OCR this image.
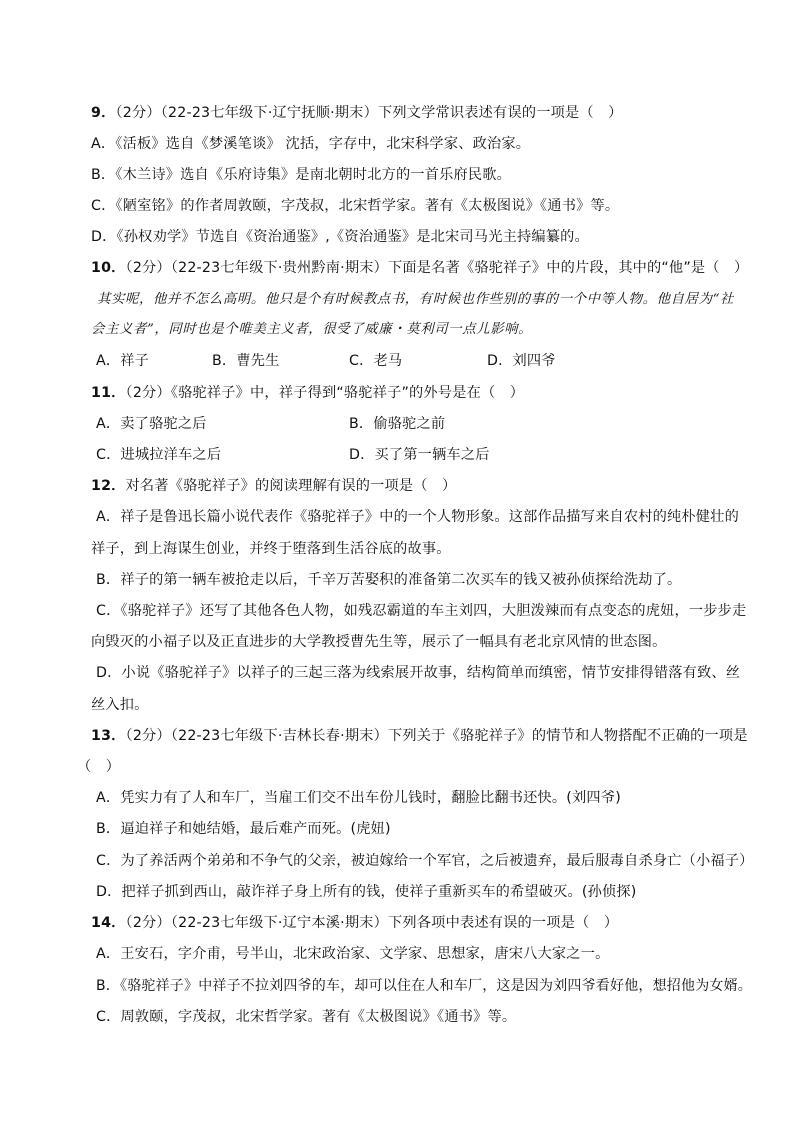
9．（2分）（22-23七年级下·辽宁抚顺·期末）下列文学常识表述有误的一项是（　）
A．《活板》选自《梦溪笔谈》 沈括，字存中，北宋科学家、政治家。
B．《木兰诗》选自《乐府诗集》是南北朝时北方的一首乐府民歌。
C．《陋室铭》的作者周敦颐，字茂叔，北宋哲学家。著有《太极图说》《通书》等。
D．《孙权劝学》节选自《资治通鉴》,《资治通鉴》是北宋司马光主持编纂的。
10．（2分）（22-23七年级下·贵州黔南·期末）下面是名著《骆驼祥子》中的片段，其中的“他”是（　）
其实呢，他并不怎么高明。他只是个有时候教点书，有时候也作些别的事的一个中等人物。他自居为“社
会主义者”，同时也是个唯美主义者，很受了威廉・莫利司一点儿影响。
A．祥子	B．曹先生	C．老马	D．刘四爷
11．（2分）《骆驼祥子》中，祥子得到“骆驼祥子”的外号是在（　）
A．卖了骆驼之后	B．偷骆驼之前
C．进城拉洋车之后	D．买了第一辆车之后
12．对名著《骆驼祥子》的阅读理解有误的一项是（　）
A．祥子是鲁迅长篇小说代表作《骆驼祥子》中的一个人物形象。这部作品描写来自农村的纯朴健壮的
祥子，到上海谋生创业，并终于堕落到生活谷底的故事。
B．祥子的第一辆车被抢走以后，千辛万苦娶积的准备第二次买车的钱又被孙侦探给洗劫了。
C．《骆驼祥子》还写了其他各色人物，如残忍霸道的车主刘四，大胆泼辣而有点变态的虎妞，一步步走
向毁灭的小福子以及正直进步的大学教授曹先生等，展示了一幅具有老北京风情的世态图。
D．小说《骆驼祥子》以祥子的三起三落为线索展开故事，结构简单而缜密，情节安排得错落有致、丝
丝入扣。
13．（2分）（22-23七年级下·吉林长春·期末）下列关于《骆驼祥子》的情节和人物搭配不正确的一项是
（　）
A．凭实力有了人和车厂，当雇工们交不出车份儿钱时，翻脸比翻书还快。(刘四爷)
B．逼迫祥子和她结婚，最后难产而死。(虎妞)
C．为了养活两个弟弟和不争气的父亲，被迫嫁给一个军官，之后被遗弃，最后服毒自杀身亡（小福子）
D．把祥子抓到西山，敲诈祥子身上所有的钱，使祥子重新买车的希望破灭。(孙侦探)
14．（2分）（22-23七年级下·辽宁本溪·期末）下列各项中表述有误的一项是（　）
A．王安石，字介甫，号半山，北宋政治家、文学家、思想家，唐宋八大家之一。
B．《骆驼祥子》中祥子不拉刘四爷的车，却可以住在人和车厂，这是因为刘四爷看好他，想招他为女婿。
C．周敦颐，字茂叔，北宋哲学家。著有《太极图说》《通书》等。
